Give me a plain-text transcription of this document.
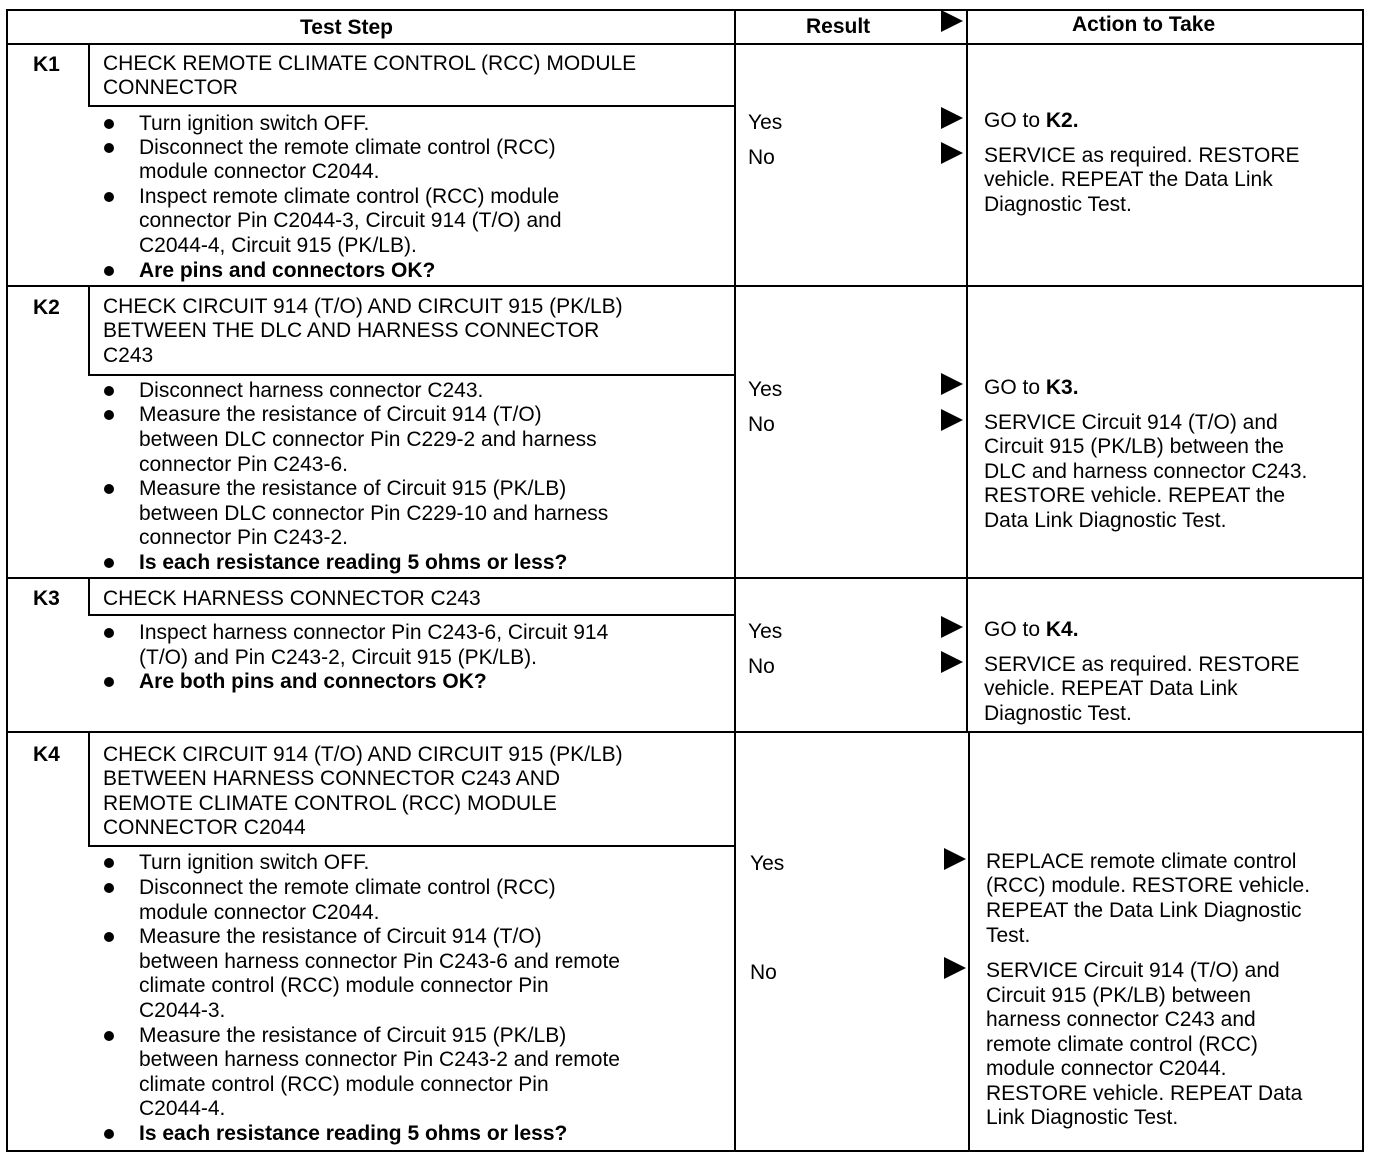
Test Step	Result	Action to Take
K1 CHECK REMOTE CLIMATE CONTROL (RCC) MODULE
CONNECTOR
Turn ignition switch OFF.
Disconnect the remote climate control (RCC)
module connector C2044.
Inspect remote climate control (RCC) module
connector Pin C2044-3, Circuit 914 (T/O) and
C2044-4, Circuit 915 (PK/LB).
Are pins and connectors OK?
Yes
No
GO to K2.
SERVICE as required. RESTORE
vehicle. REPEAT the Data Link
Diagnostic Test.
K2 CHECK CIRCUIT 914 (T/O) AND CIRCUIT 915 (PK/LB)
BETWEEN THE DLC AND HARNESS CONNECTOR
C243
Disconnect harness connector C243.
Measure the resistance of Circuit 914 (T/O)
between DLC connector Pin C229-2 and harness
connector Pin C243-6.
Measure the resistance of Circuit 915 (PK/LB)
between DLC connector Pin C229-10 and harness
connector Pin C243-2.
Is each resistance reading 5 ohms or less?
Yes
No
GO to K3.
SERVICE Circuit 914 (T/O) and
Circuit 915 (PK/LB) between the
DLC and harness connector C243.
RESTORE vehicle. REPEAT the
Data Link Diagnostic Test.
K3 CHECK HARNESS CONNECTOR C243
Inspect harness connector Pin C243-6, Circuit 914
(T/O) and Pin C243-2, Circuit 915 (PK/LB).
Are both pins and connectors OK?
Yes
No
GO to K4.
SERVICE as required. RESTORE
vehicle. REPEAT Data Link
Diagnostic Test.
K4 CHECK CIRCUIT 914 (T/O) AND CIRCUIT 915 (PK/LB)
BETWEEN HARNESS CONNECTOR C243 AND
REMOTE CLIMATE CONTROL (RCC) MODULE
CONNECTOR C2044
Turn ignition switch OFF.
Disconnect the remote climate control (RCC)
module connector C2044.
Measure the resistance of Circuit 914 (T/O)
between harness connector Pin C243-6 and remote
climate control (RCC) module connector Pin
C2044-3.
Measure the resistance of Circuit 915 (PK/LB)
between harness connector Pin C243-2 and remote
climate control (RCC) module connector Pin
C2044-4.
Is each resistance reading 5 ohms or less?
Yes
No
REPLACE remote climate control
(RCC) module. RESTORE vehicle.
REPEAT the Data Link Diagnostic
Test.
SERVICE Circuit 914 (T/O) and
Circuit 915 (PK/LB) between
harness connector C243 and
remote climate control (RCC)
module connector C2044.
RESTORE vehicle. REPEAT Data
Link Diagnostic Test.
